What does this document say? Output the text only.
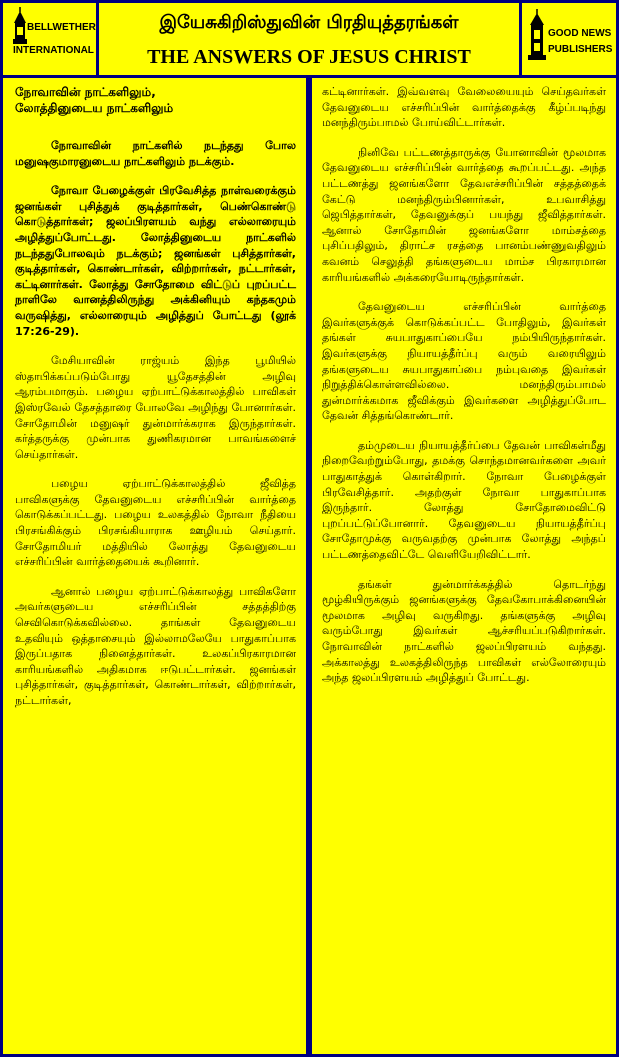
BELLWETHER
INTERNATIONAL
இயேசுகிறிஸ்துவின் பிரதியுத்தரங்கள்
THE ANSWERS OF JESUS CHRIST
GOOD NEWS
PUBLISHERS
நோவாவின் நாட்களிலும்,
லோத்தினுடைய நாட்களிலும்

நோவாவின் நாட்களில் நடந்தது போல மனுஷகுமாரனுடைய நாட்களிலும் நடக்கும்.

நோவா பேழைக்குள் பிரவேசித்த நாள்வரைக்கும் ஜனங்கள் புசித்துக் குடித்தார்கள், பெண்கொண்டு கொடுத்தார்கள்; ஜலப்பிரளயம் வந்து எல்லாரையும் அழித்துப்போட்டது. லோத்தினுடைய நாட்களில் நடந்ததுபோலவும் நடக்கும்; ஜனங்கள் புசித்தார்கள், குடித்தார்கள், கொண்டார்கள், விற்றார்கள், நட்டார்கள், கட்டினார்கள். லோத்து சோதோமை விட்டுப் புறப்பட்ட நாளிலே வானத்திலிருந்து அக்கினியும் கந்தகமும் வருஷித்து, எல்லாரையும் அழித்துப் போட்டது (லூக் 17:26-29).

மேசியாவின் ராஜ்யம் இந்த பூமியில் ஸ்தாபிக்கப்படும்போது யூதேசத்தின் அழிவு ஆரம்பமாகும். பழைய ஏற்பாட்டுக்காலத்தில் பாவிகள் இஸ்ரவேல் தேசத்தாரை போலவே அழிந்து போனார்கள். சோதோமின் மனுஷர் துன்மார்க்கராக இருந்தார்கள். கர்த்தருக்கு முன்பாக துணிகரமான பாவங்களைச் செய்தார்கள்.

பழைய ஏற்பாட்டுக்காலத்தில் ஜீவித்த பாவிகளுக்கு தேவனுடைய எச்சரிப்பின் வார்த்தை கொடுக்கப்பட்டது. பழைய உலகத்தில் நோவா நீதியை பிரசங்கிக்கும் பிரசங்கியாராக ஊழியம் செய்தார். சோதோமியர் மத்தியில் லோத்து தேவனுடைய எச்சரிப்பின் வார்த்தையைக் கூறினார்.

ஆனால் பழைய ஏற்பாட்டுக்காலத்து பாவிகளோ அவர்களுடைய எச்சரிப்பின் சத்தத்திற்கு செவிகொடுக்கவில்லை. தாங்கள் தேவனுடைய உதவியும் ஒத்தாசையும் இல்லாமலேயே பாதுகாப்பாக இருப்பதாக நினைத்தார்கள். உலகப்பிரகாரமான காரியங்களில் அதிகமாக ஈடுபட்டார்கள். ஜனங்கள் புசித்தார்கள், குடித்தார்கள், கொண்டார்கள், விற்றார்கள், நட்டார்கள்,

கட்டினார்கள். இவ்வளவு வேலையையும் செய்தவர்கள் தேவனுடைய எச்சரிப்பின் வார்த்தைக்கு கீழ்ப்படிந்து மனந்திரும்பாமல் போய்விட்டார்கள்.

நினிவே பட்டணத்தாருக்கு யோனாவின் மூலமாக தேவனுடைய எச்சரிப்பின் வார்த்தை கூறப்பட்டது. அந்த பட்டணத்து ஜனங்களோ தேவஎச்சரிப்பின் சத்தத்தைக் கேட்டு மனந்திரும்பினார்கள், உபவாசித்து ஜெபித்தார்கள், தேவனுக்குப் பயந்து ஜீவித்தார்கள். ஆனால் சோதோமின் ஜனங்களோ மாம்சத்தை புசிப்பதிலும், திராட்ச ரசத்தை பானம்பண்ணுவதிலும் கவனம் செலுத்தி தங்களுடைய மாம்ச பிரகாரமான காரியங்களில் அக்கரையோடிருந்தார்கள்.

தேவனுடைய எச்சரிப்பின் வார்த்தை இவர்களுக்குக் கொடுக்கப்பட்ட போதிலும், இவர்கள் தங்கள் சுயபாதுகாப்பையே நம்பியிருந்தார்கள். இவர்களுக்கு நியாயத்தீர்ப்பு வரும் வரையிலும் தங்களுடைய சுயபாதுகாப்பை நம்புவதை இவர்கள் நிறுத்திக்கொள்ளவில்லை. மனந்திரும்பாமல் துன்மார்க்கமாக ஜீவிக்கும் இவர்களை அழித்துப்போட தேவன் சித்தங்கொண்டார்.

தம்முடைய நியாயத்தீர்ப்பை தேவன் பாவிகள்மீது நிறைவேற்றும்போது, தமக்கு சொந்தமானவர்களை அவர் பாதுகாத்துக் கொள்கிறார். நோவா பேழைக்குள் பிரவேசித்தார். அதற்குள் நோவா பாதுகாப்பாக இருந்தார். லோத்து சோதோமைவிட்டு புறப்பட்டுப்போனார். தேவனுடைய நியாயத்தீர்ப்பு சோதோமுக்கு வருவதற்கு முன்பாக லோத்து அந்தப் பட்டணத்தைவிட்டே வெளியேறிவிட்டார்.

தங்கள் துன்மார்க்கத்தில் தொடர்ந்து மூழ்கியிருக்கும் ஜனங்களுக்கு தேவகோபாக்கினையின் மூலமாக அழிவு வருகிறது. தங்களுக்கு அழிவு வரும்போது இவர்கள் ஆச்சரியப்படுகிறார்கள். நோவாவின் நாட்களில் ஜலப்பிரளயம் வந்தது. அக்காலத்து உலகத்திலிருந்த பாவிகள் எல்லோரையும் அந்த ஜலப்பிரளயம் அழித்துப் போட்டது.
